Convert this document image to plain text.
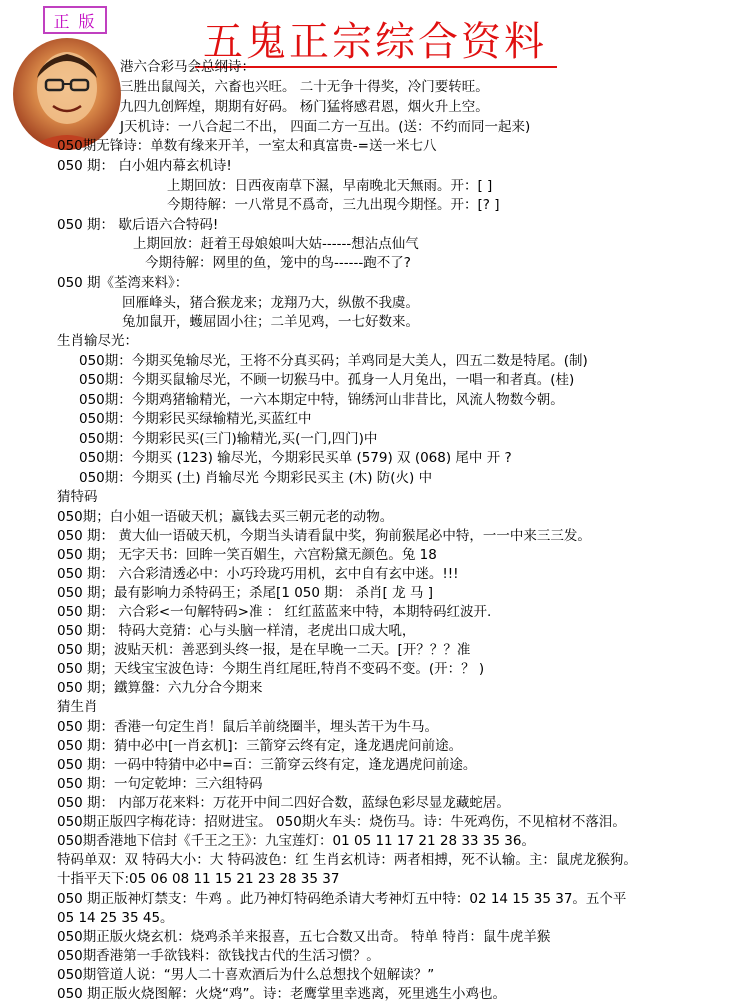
正 版	五鬼正宗综合资料
港六合彩马会总纲诗：
三胜出鼠闯关，六畜也兴旺。 二十无争十得奖，冷门要转旺。
九四九创辉煌，期期有好码。 杨门猛将感君恩，烟火升上空。
J天机诗：一八合起二不出， 四面二方一互出。(送：不约而同一起来)
050期无锋诗：单数有缘来开羊，一室太和真富贵-=送一米七八
050 期： 白小姐内幕玄机诗!
上期回放：日西夜南草下濕，早南晚北天無雨。开：[ ]
今期待解：一八常見不爲奇，三九出現今期怪。开：[? ]
050 期： 歇后语六合特码!
上期回放：赶着王母娘娘叫大姑------想沾点仙气
今期待解：网里的鱼，笼中的鸟------跑不了?
050 期《荃湾来料》：
回雁峰头，猪合猴龙来；龙翔乃大，纵傲不我虞。
兔加鼠开，蠖屈固小往；二羊见鸡，一七好数来。
生肖输尽光：
050期：今期买兔输尽光，王将不分真买码；羊鸡同是大美人，四五二数是特尾。(制)
050期：今期买鼠输尽光，不顾一切猴马中。孤身一人月兔出，一唱一和者真。(桂)
050期：今期鸡猪输精光，一六本期定中特，锦绣河山非昔比，风流人物数今朝。
050期：今期彩民买绿输精光,买蓝红中
050期：今期彩民买(三门)输精光,买(一门,四门)中
050期：今期买 (123) 输尽光，今期彩民买单 (579) 双 (068) 尾中 开 ?
050期：今期买 (土) 肖输尽光 今期彩民买主 (木) 防(火) 中
猜特码
050期；白小姐一语破天机；赢钱去买三朝元老的动物。
050 期： 黄大仙一语破天机，今期当头请看鼠中奖，狗前猴尾必中特，一一中来三三发。
050 期； 无字天书：回眸一笑百媚生，六宫粉黛无颜色。兔 18
050 期： 六合彩清透必中：小巧玲珑巧用机，玄中自有玄中迷。!!!
050 期；最有影响力杀特码王；杀尾[1 050 期： 杀肖[ 龙 马 ]
050 期： 六合彩<一句解特码>准 ： 红红蓝蓝来中特，本期特码红波开.
050 期： 特码大竞猜：心与头脑一样清，老虎出口成大吼，
050 期；波贴天机：善恶到头终一报，是在早晚一二天。[开？？？准
050 期；天线宝宝波色诗：今期生肖红尾旺,特肖不变码不变。(开：？ )
050 期；鐵算盤：六九分合今期来
猜生肖
050 期：香港一句定生肖！鼠后羊前绕圈半，埋头苦干为牛马。
050 期：猜中必中[一肖玄机]：三箭穿云终有定，逢龙遇虎问前途。
050 期：一码中特猜中必中=百：三箭穿云终有定，逢龙遇虎问前途。
050 期：一句定乾坤：三六组特码
050 期： 内部万花来料：万花开中间二四好合数，蓝绿色彩尽显龙藏蛇居。
050期正版四字梅花诗：招财进宝。 050期火车头：烧伤马。诗：牛死鸡伤，不见棺材不落泪。
050期香港地下信封《千王之王》：九宝莲灯：01 05 11 17 21 28 33 35 36。
特码单双：双 特码大小：大 特码波色：红 生肖玄机诗：两者相搏，死不认输。主：鼠虎龙猴狗。
十指平天下:05 06 08 11 15 21 23 28 35 37
050 期正版神灯禁支：牛鸡 。此乃神灯特码绝杀请大考神灯五中特：02 14 15 35 37。五个平
05 14 25 35 45。
050期正版火烧玄机：烧鸡杀羊来报喜，五七合数又出奇。 特单 特肖：鼠牛虎羊猴
050期香港第一手欲钱料：欲钱找古代的生活习惯？。
050期管道人说：“男人二十喜欢酒后为什么总想找个妞解读？”
050 期正版火烧图解：火烧“鸡”。诗：老鹰掌里幸逃离，死里逃生小鸡也。
